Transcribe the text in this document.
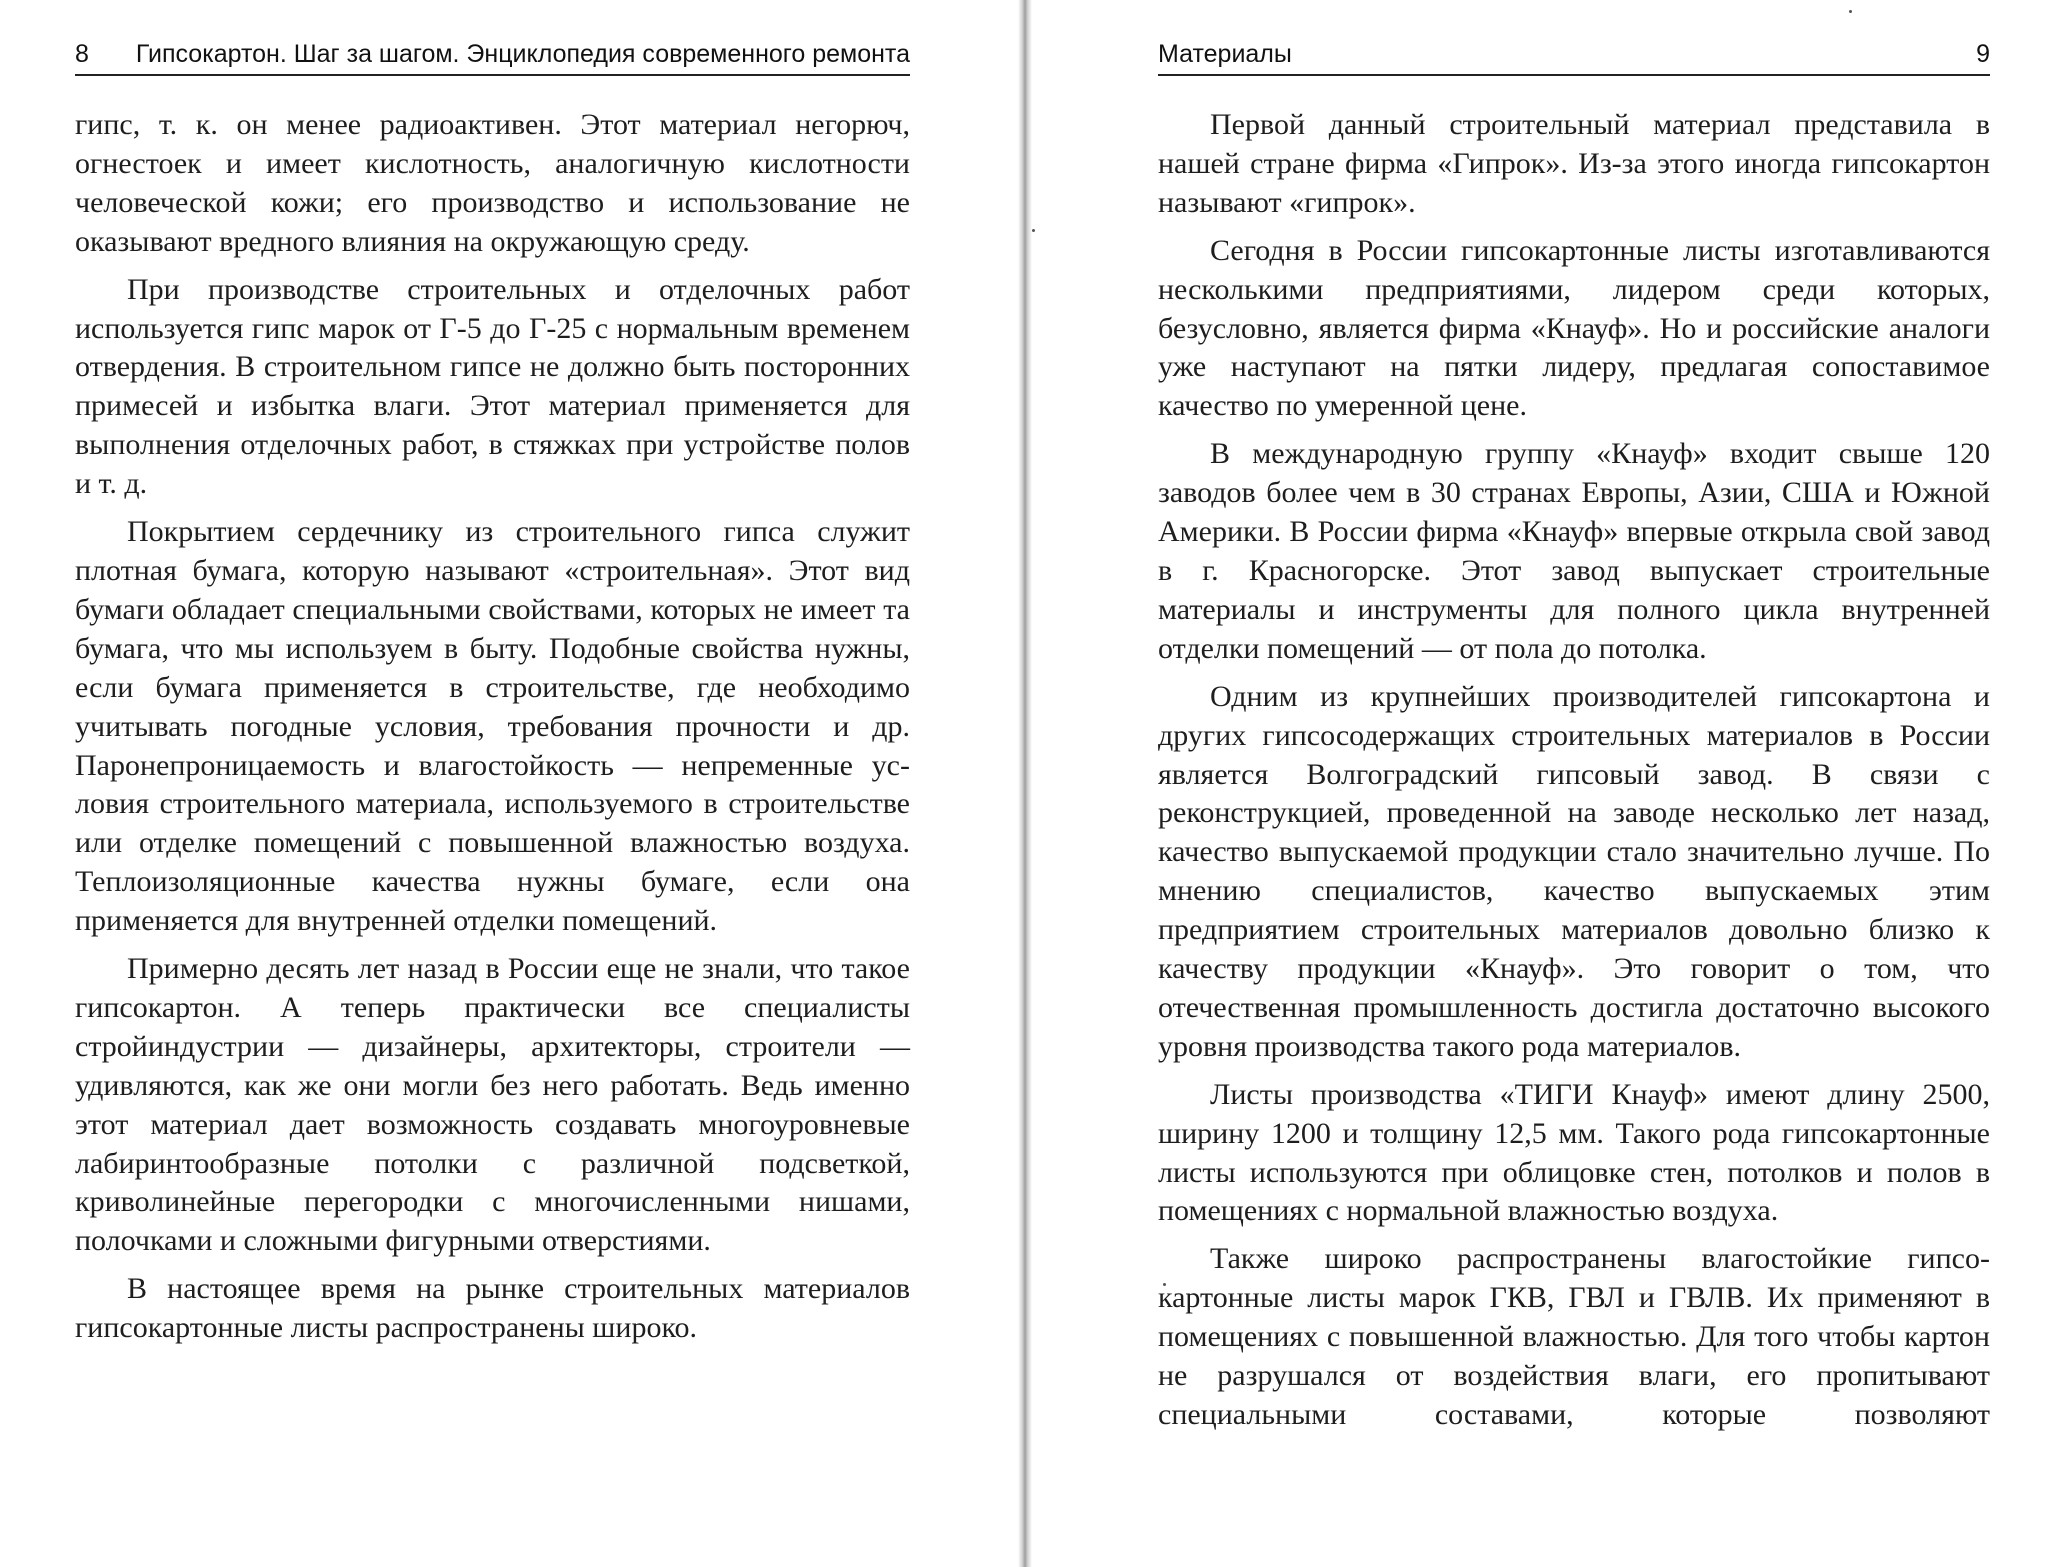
8 Гипсокартон. Шаг за шагом. Энциклопедия современного ремонта

гипс, т. к. он менее радиоактивен. Этот материал негорюч, огнестоек и имеет кислотность, аналогичную кислотности человеческой кожи; его производство и использование не оказывают вредного влияния на окружающую среду.

При производстве строительных и отделочных работ используется гипс марок от Г-5 до Г-25 с нормальным временем отвердения. В строительном гипсе не должно быть посторонних примесей и избытка влаги. Этот материал применяется для выполнения отделочных работ, в стяжках при устройстве полов и т. д.

Покрытием сердечнику из строительного гипса служит плотная бумага, которую называют «строительная». Этот вид бумаги обладает специальными свойствами, которых не имеет та бумага, что мы используем в быту. Подобные свойства нужны, если бумага применяется в строительстве, где необходимо учитывать погодные условия, требования прочности и др. Паронепроницаемость и влагостойкость — непременные условия строительного материала, используемого в строительстве или отделке помещений с повышенной влажностью воздуха. Теплоизоляционные качества нужны бумаге, если она применяется для внутренней отделки помещений.

Примерно десять лет назад в России еще не знали, что такое гипсокартон. А теперь практически все специалисты стройиндустрии — дизайнеры, архитекторы, строители — удивляются, как же они могли без него работать. Ведь именно этот материал дает возможность создавать многоуровневые лабиринтообразные потолки с различной подсветкой, криволинейные перегородки с многочисленными нишами, полочками и сложными фигурными отверстиями.

В настоящее время на рынке строительных материалов гипсокартонные листы распространены широко.

Материалы	9

Первой данный строительный материал представила в нашей стране фирма «Гипрок». Из-за этого иногда гипсокартон называют «гипрок».

Сегодня в России гипсокартонные листы изготавливаются несколькими предприятиями, лидером среди которых, безусловно, является фирма «Кнауф». Но и российские аналоги уже наступают на пятки лидеру, предлагая сопоставимое качество по умеренной цене.

В международную группу «Кнауф» входит свыше 120 заводов более чем в 30 странах Европы, Азии, США и Южной Америки. В России фирма «Кнауф» впервые открыла свой завод в г. Красногорске. Этот завод выпускает строительные материалы и инструменты для полного цикла внутренней отделки помещений — от пола до потолка.

Одним из крупнейших производителей гипсокартона и других гипсосодержащих строительных материалов в России является Волгоградский гипсовый завод. В связи с реконструкцией, проведенной на заводе несколько лет назад, качество выпускаемой продукции стало значительно лучше. По мнению специалистов, качество выпускаемых этим предприятием строительных материалов довольно близко к качеству продукции «Кнауф». Это говорит о том, что отечественная промышленность достигла достаточно высокого уровня производства такого рода материалов.

Листы производства «ТИГИ Кнауф» имеют длину 2500, ширину 1200 и толщину 12,5 мм. Такого рода гипсокартонные листы используются при облицовке стен, потолков и полов в помещениях с нормальной влажностью воздуха.

Также широко распространены влагостойкие гипсокартонные листы марок ГКВ, ГВЛ и ГВЛВ. Их применяют в помещениях с повышенной влажностью. Для того чтобы картон не разрушался от воздействия влаги, его пропитывают специальными составами, которые позволяют
